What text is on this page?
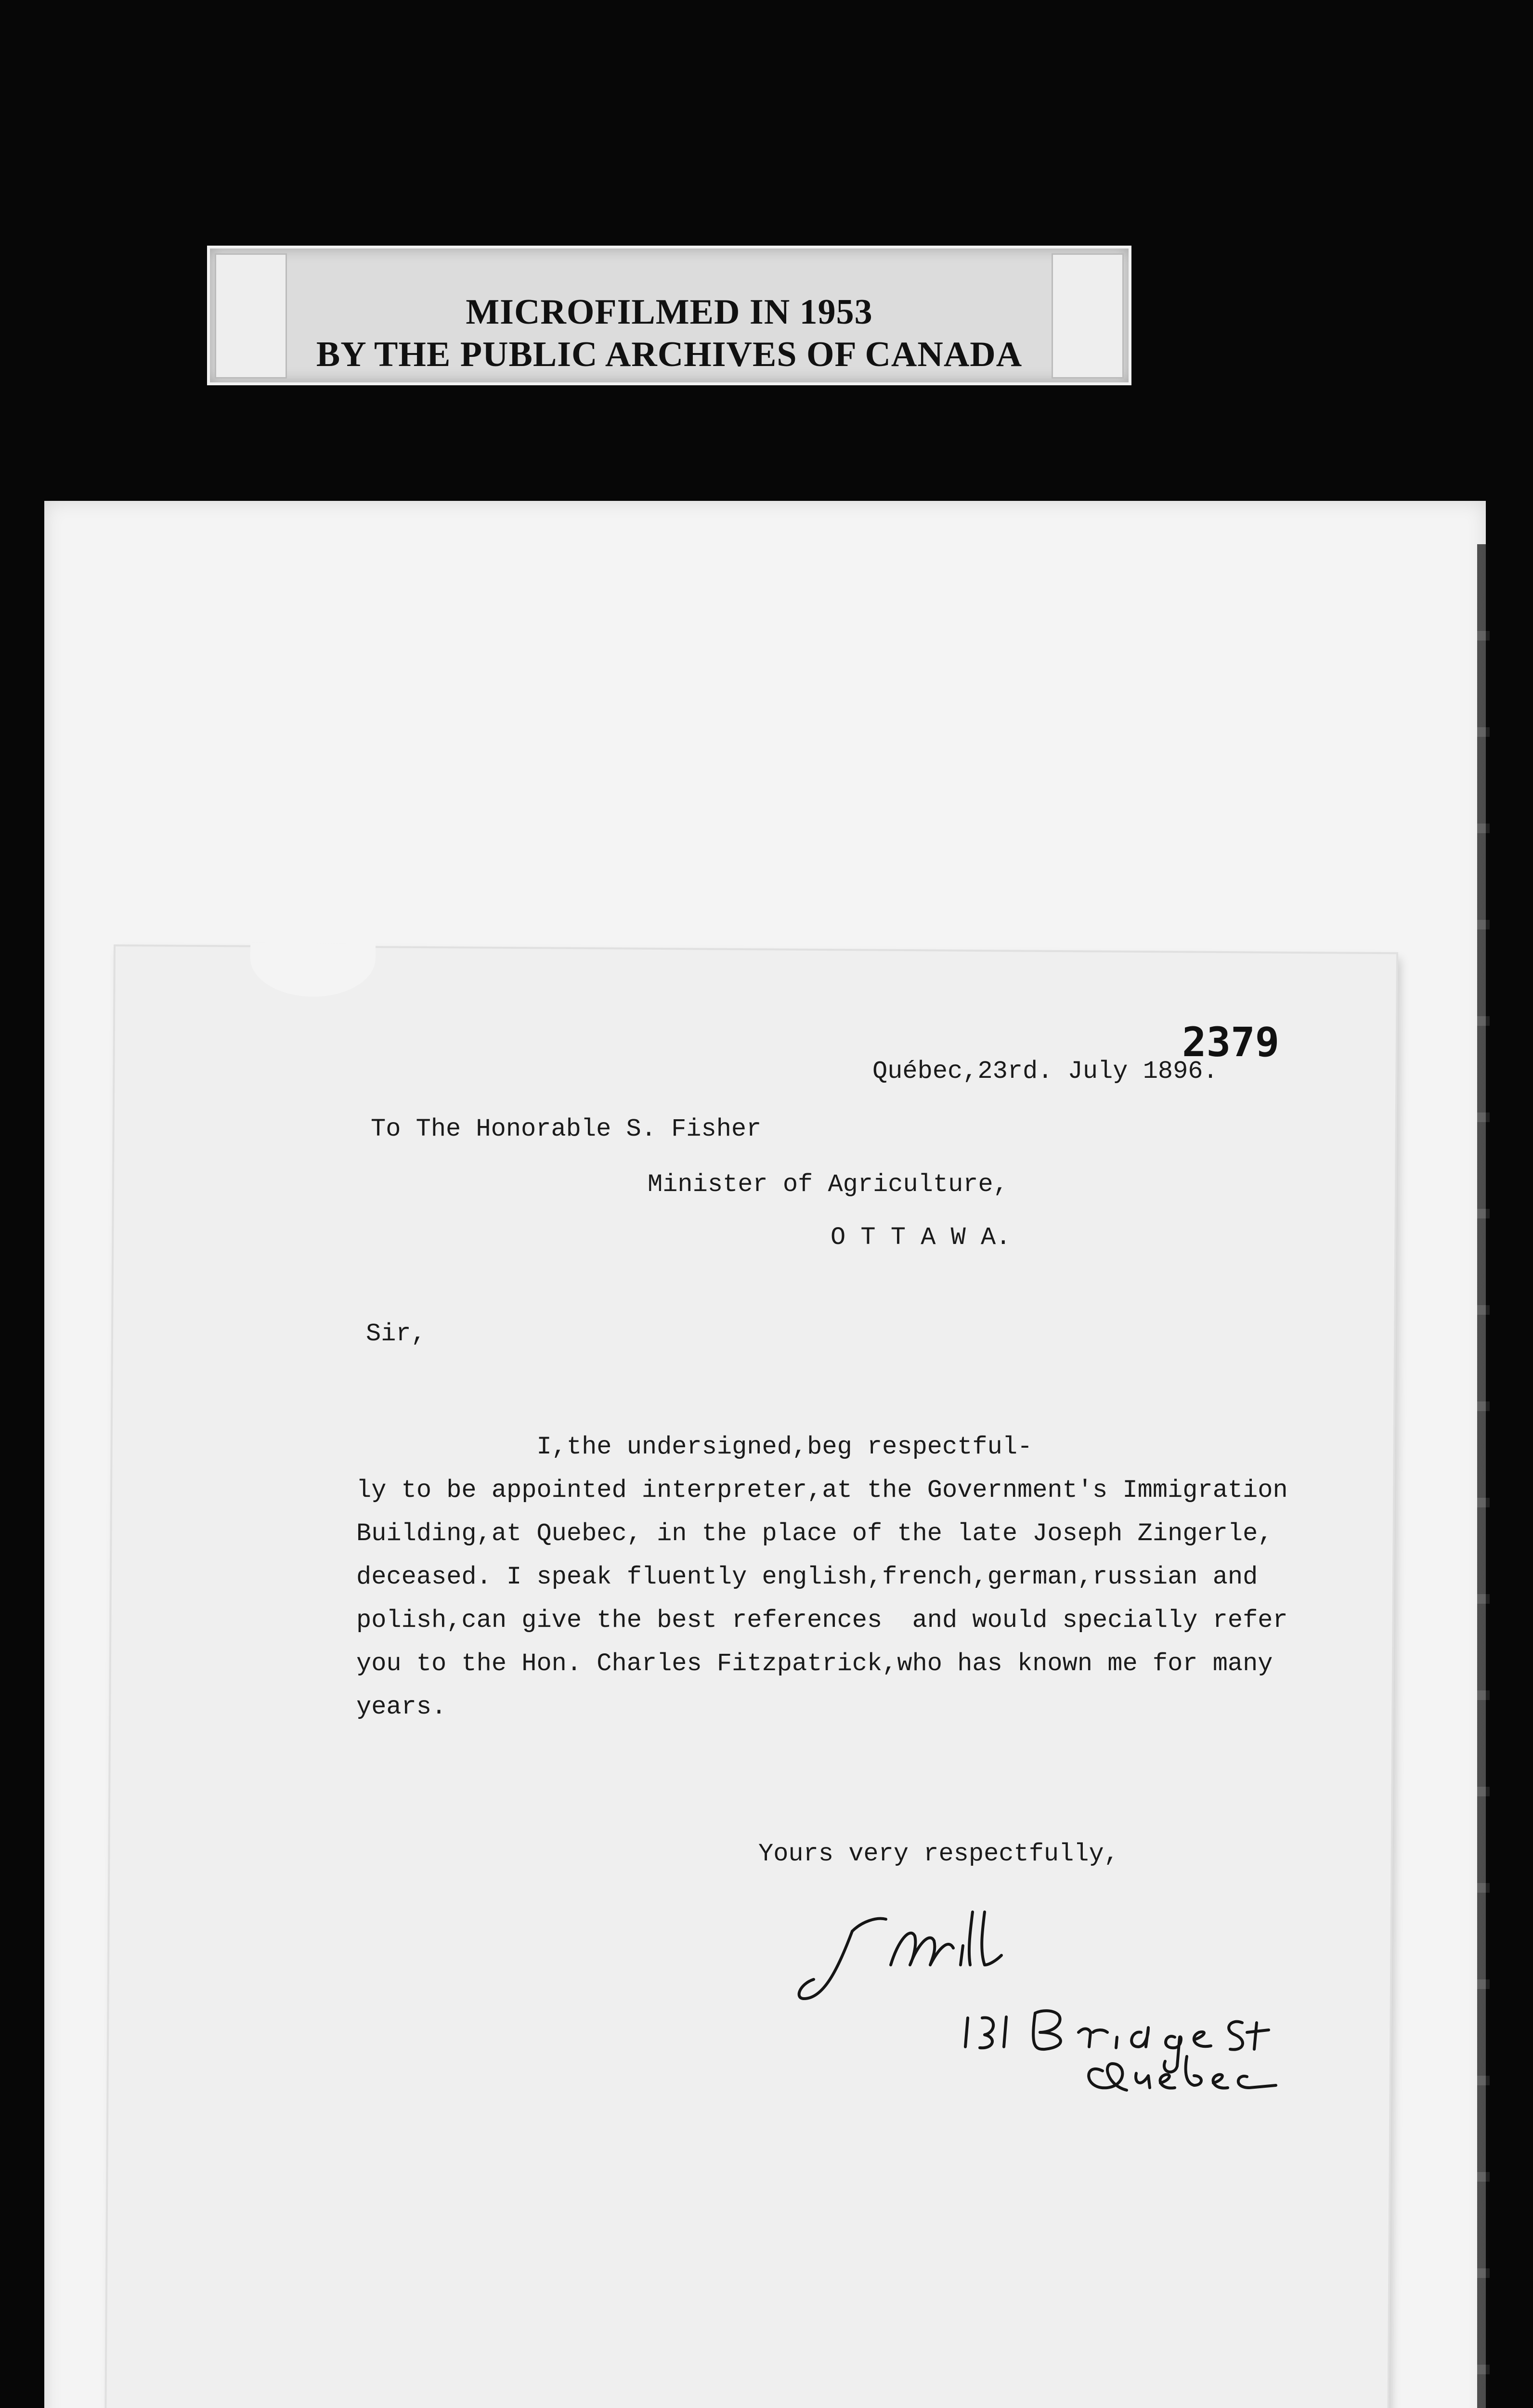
MICROFILMED IN 1953
BY THE PUBLIC ARCHIVES OF CANADA
2379
Québec,23rd. July 1896.
To The Honorable S. Fisher
Minister of Agriculture,
O T T A W A.
Sir,
I,the undersigned,beg respectful-
ly to be appointed interpreter,at the Government's Immigration
Building,at Quebec, in the place of the late Joseph Zingerle,
deceased. I speak fluently english,french,german,russian and
polish,can give the best references  and would specially refer
you to the Hon. Charles Fitzpatrick,who has known me for many
years.
Yours very respectfully,
